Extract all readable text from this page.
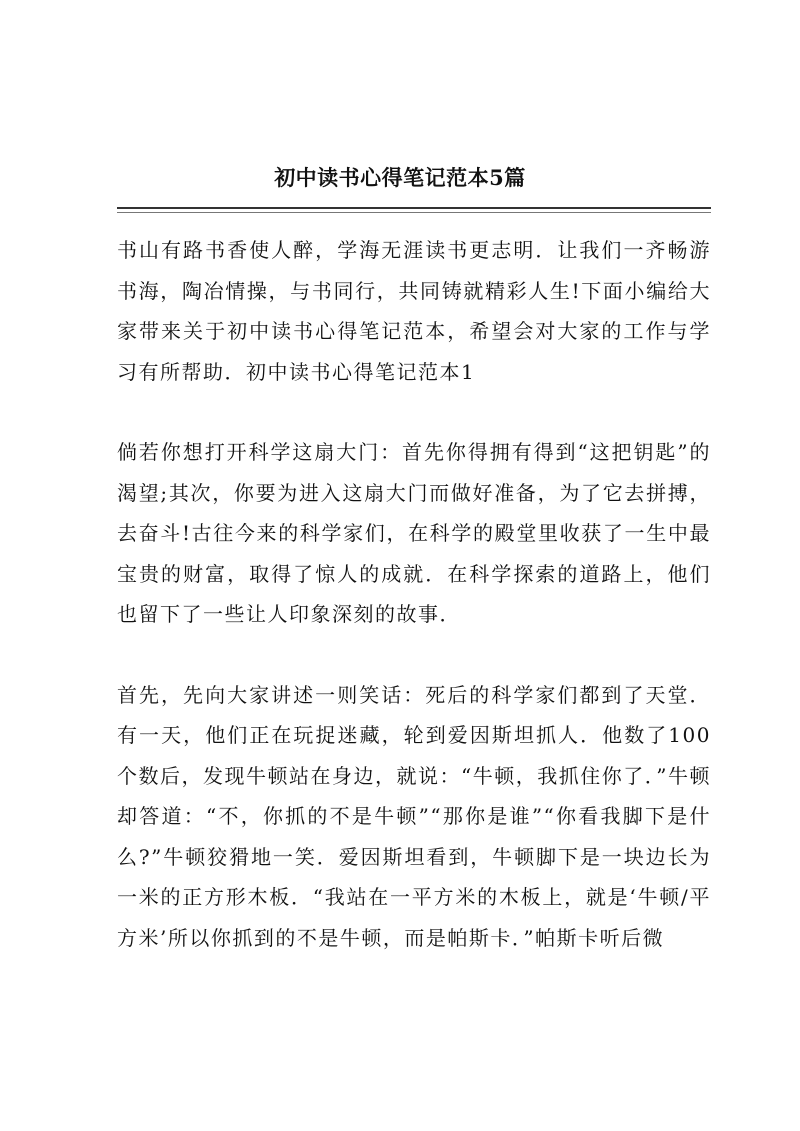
初中读书心得笔记范本5篇

书山有路书香使人醉，学海无涯读书更志明．让我们一齐畅游书海，陶冶情操，与书同行，共同铸就精彩人生!下面小编给大家带来关于初中读书心得笔记范本，希望会对大家的工作与学习有所帮助．初中读书心得笔记范本1

倘若你想打开科学这扇大门：首先你得拥有得到“这把钥匙”的渴望;其次，你要为进入这扇大门而做好准备，为了它去拼搏，去奋斗!古往今来的科学家们，在科学的殿堂里收获了一生中最宝贵的财富，取得了惊人的成就．在科学探索的道路上，他们也留下了一些让人印象深刻的故事．

首先，先向大家讲述一则笑话：死后的科学家们都到了天堂．有一天，他们正在玩捉迷藏，轮到爱因斯坦抓人．他数了100个数后，发现牛顿站在身边，就说：“牛顿，我抓住你了．”牛顿却答道：“不，你抓的不是牛顿”“那你是谁”“你看我脚下是什么?”牛顿狡猾地一笑．爱因斯坦看到，牛顿脚下是一块边长为一米的正方形木板．“我站在一平方米的木板上，就是‘牛顿/平方米’所以你抓到的不是牛顿，而是帕斯卡．”帕斯卡听后微
